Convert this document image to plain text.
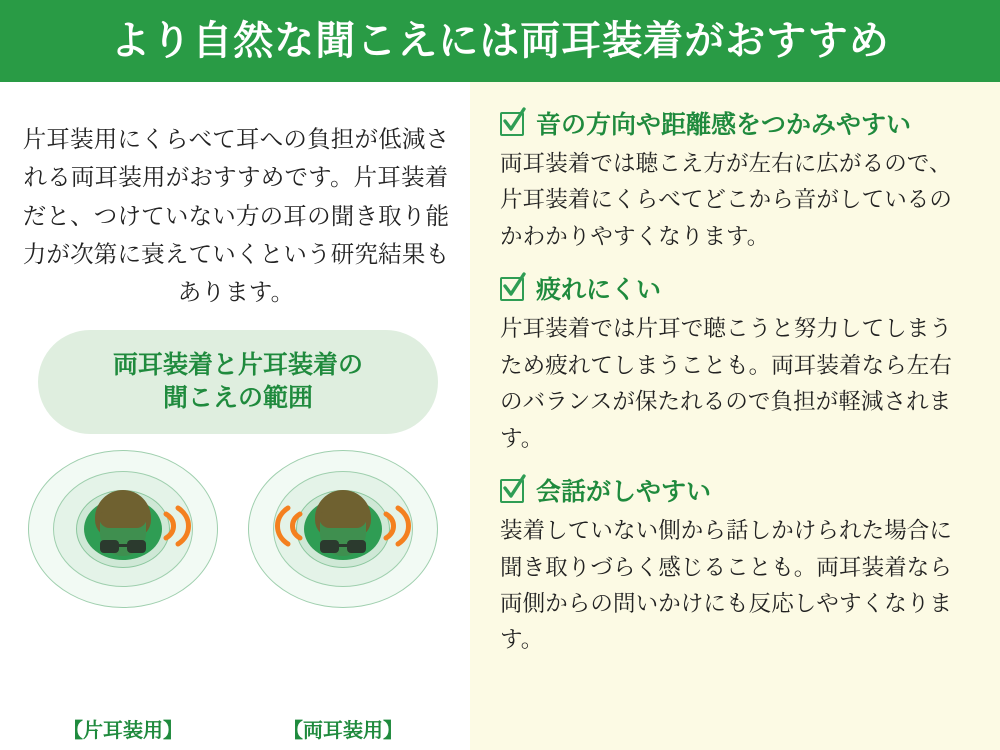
より自然な聞こえには両耳装着がおすすめ
片耳装用にくらべて耳への負担が低減される両耳装用がおすすめです。片耳装着だと、つけていない方の耳の聞き取り能力が次第に衰えていくという研究結果もあります。
両耳装着と片耳装着の
聞こえの範囲
【片耳装用】	【両耳装用】
音の方向や距離感をつかみやすい
両耳装着では聴こえ方が左右に広がるので、片耳装着にくらべてどこから音がしているのかわかりやすくなります。
疲れにくい
片耳装着では片耳で聴こうと努力してしまうため疲れてしまうことも。両耳装着なら左右のバランスが保たれるので負担が軽減されます。
会話がしやすい
装着していない側から話しかけられた場合に聞き取りづらく感じることも。両耳装着なら両側からの問いかけにも反応しやすくなります。
